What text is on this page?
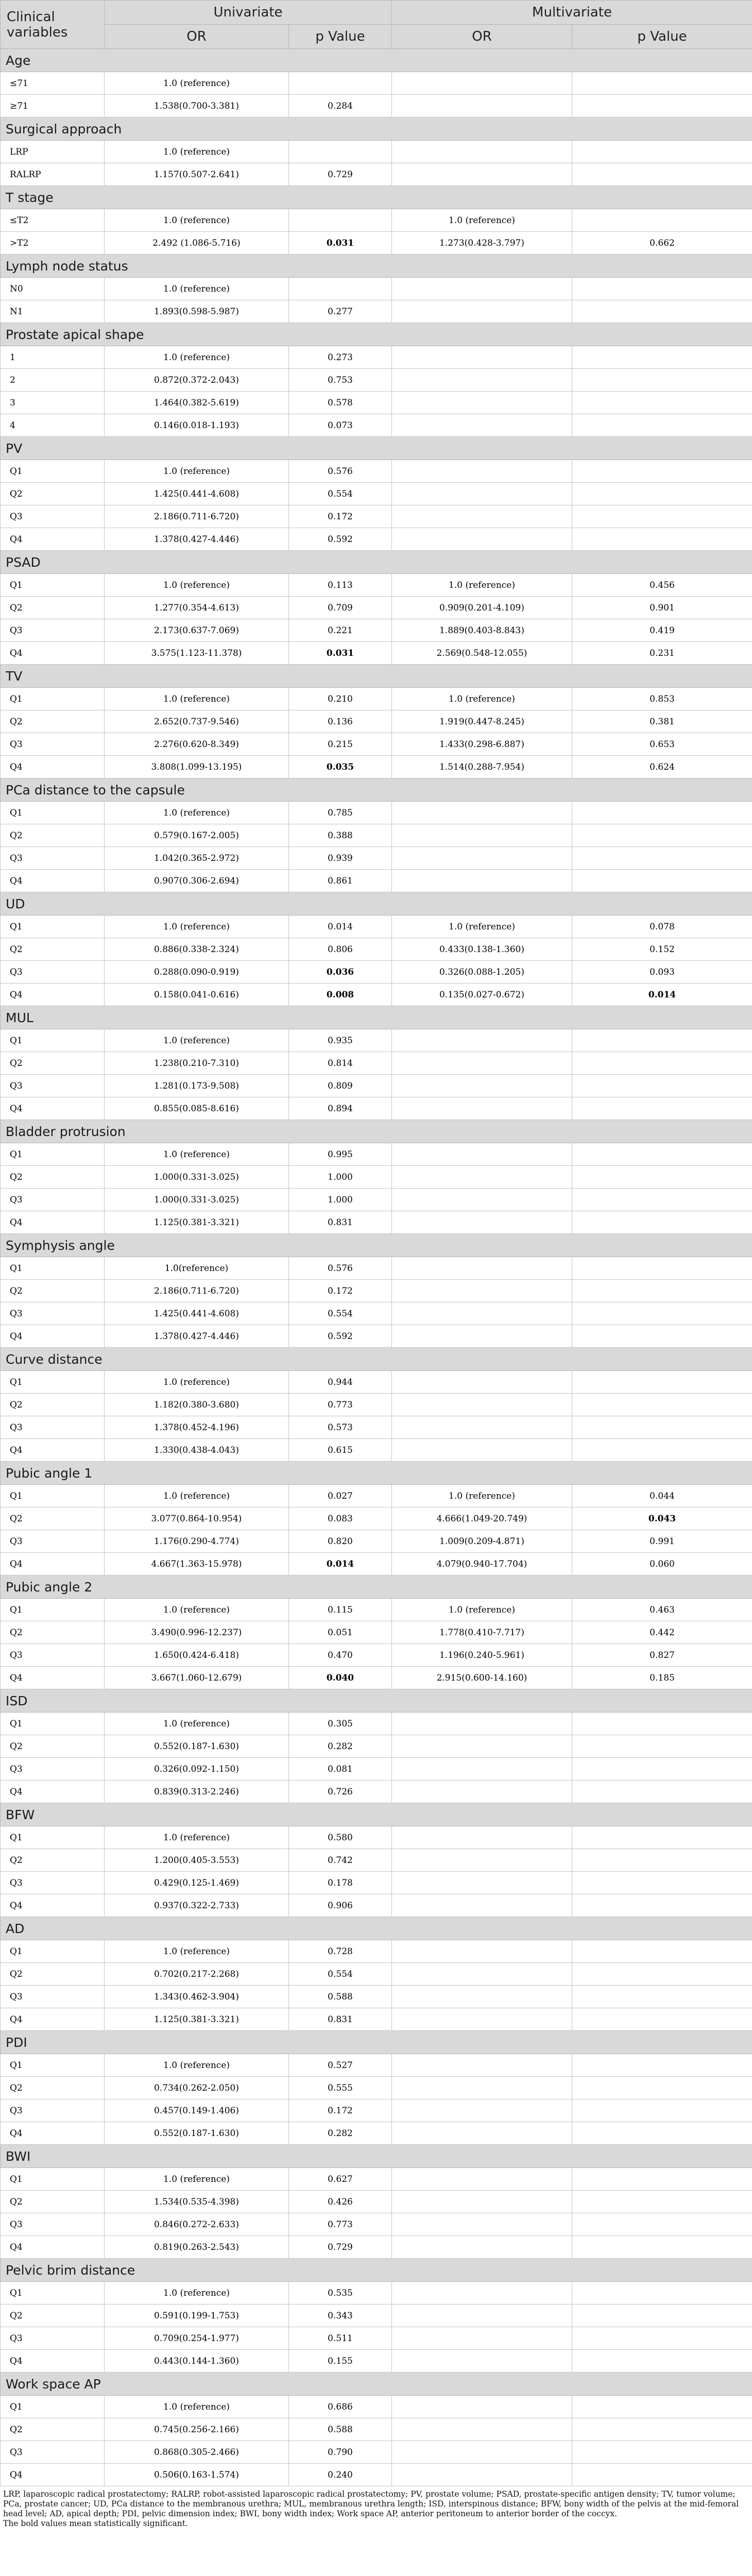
Clinical variables	Univariate		Multivariate	
	OR	p Value	OR	p Value
Age				
≤71	1.0 (reference)			
≥71	1.538(0.700-3.381)	0.284		
Surgical approach				
LRP	1.0 (reference)			
RALRP	1.157(0.507-2.641)	0.729		
T stage				
≤T2	1.0 (reference)		1.0 (reference)	
>T2	2.492 (1.086-5.716)	0.031	1.273(0.428-3.797)	0.662
Lymph node status				
N0	1.0 (reference)			
N1	1.893(0.598-5.987)	0.277		
Prostate apical shape				
1	1.0 (reference)	0.273		
2	0.872(0.372-2.043)	0.753		
3	1.464(0.382-5.619)	0.578		
4	0.146(0.018-1.193)	0.073		
PV				
Q1	1.0 (reference)	0.576		
Q2	1.425(0.441-4.608)	0.554		
Q3	2.186(0.711-6.720)	0.172		
Q4	1.378(0.427-4.446)	0.592		
PSAD				
Q1	1.0 (reference)	0.113	1.0 (reference)	0.456
Q2	1.277(0.354-4.613)	0.709	0.909(0.201-4.109)	0.901
Q3	2.173(0.637-7.069)	0.221	1.889(0.403-8.843)	0.419
Q4	3.575(1.123-11.378)	0.031	2.569(0.548-12.055)	0.231
TV				
Q1	1.0 (reference)	0.210	1.0 (reference)	0.853
Q2	2.652(0.737-9.546)	0.136	1.919(0.447-8.245)	0.381
Q3	2.276(0.620-8.349)	0.215	1.433(0.298-6.887)	0.653
Q4	3.808(1.099-13.195)	0.035	1.514(0.288-7.954)	0.624
PCa distance to the capsule				
Q1	1.0 (reference)	0.785		
Q2	0.579(0.167-2.005)	0.388		
Q3	1.042(0.365-2.972)	0.939		
Q4	0.907(0.306-2.694)	0.861		
UD				
Q1	1.0 (reference)	0.014	1.0 (reference)	0.078
Q2	0.886(0.338-2.324)	0.806	0.433(0.138-1.360)	0.152
Q3	0.288(0.090-0.919)	0.036	0.326(0.088-1.205)	0.093
Q4	0.158(0.041-0.616)	0.008	0.135(0.027-0.672)	0.014
MUL				
Q1	1.0 (reference)	0.935		
Q2	1.238(0.210-7.310)	0.814		
Q3	1.281(0.173-9.508)	0.809		
Q4	0.855(0.085-8.616)	0.894		
Bladder protrusion				
Q1	1.0 (reference)	0.995		
Q2	1.000(0.331-3.025)	1.000		
Q3	1.000(0.331-3.025)	1.000		
Q4	1.125(0.381-3.321)	0.831		
Symphysis angle				
Q1	1.0(reference)	0.576		
Q2	2.186(0.711-6.720)	0.172		
Q3	1.425(0.441-4.608)	0.554		
Q4	1.378(0.427-4.446)	0.592		
Curve distance				
Q1	1.0 (reference)	0.944		
Q2	1.182(0.380-3.680)	0.773		
Q3	1.378(0.452-4.196)	0.573		
Q4	1.330(0.438-4.043)	0.615		
Pubic angle 1				
Q1	1.0 (reference)	0.027	1.0 (reference)	0.044
Q2	3.077(0.864-10.954)	0.083	4.666(1.049-20.749)	0.043
Q3	1.176(0.290-4.774)	0.820	1.009(0.209-4.871)	0.991
Q4	4.667(1.363-15.978)	0.014	4.079(0.940-17.704)	0.060
Pubic angle 2				
Q1	1.0 (reference)	0.115	1.0 (reference)	0.463
Q2	3.490(0.996-12.237)	0.051	1.778(0.410-7.717)	0.442
Q3	1.650(0.424-6.418)	0.470	1.196(0.240-5.961)	0.827
Q4	3.667(1.060-12.679)	0.040	2.915(0.600-14.160)	0.185
ISD				
Q1	1.0 (reference)	0.305		
Q2	0.552(0.187-1.630)	0.282		
Q3	0.326(0.092-1.150)	0.081		
Q4	0.839(0.313-2.246)	0.726		
BFW				
Q1	1.0 (reference)	0.580		
Q2	1.200(0.405-3.553)	0.742		
Q3	0.429(0.125-1.469)	0.178		
Q4	0.937(0.322-2.733)	0.906		
AD				
Q1	1.0 (reference)	0.728		
Q2	0.702(0.217-2.268)	0.554		
Q3	1.343(0.462-3.904)	0.588		
Q4	1.125(0.381-3.321)	0.831		
PDI				
Q1	1.0 (reference)	0.527		
Q2	0.734(0.262-2.050)	0.555		
Q3	0.457(0.149-1.406)	0.172		
Q4	0.552(0.187-1.630)	0.282		
BWI				
Q1	1.0 (reference)	0.627		
Q2	1.534(0.535-4.398)	0.426		
Q3	0.846(0.272-2.633)	0.773		
Q4	0.819(0.263-2.543)	0.729		
Pelvic brim distance				
Q1	1.0 (reference)	0.535		
Q2	0.591(0.199-1.753)	0.343		
Q3	0.709(0.254-1.977)	0.511		
Q4	0.443(0.144-1.360)	0.155		
Work space AP				
Q1	1.0 (reference)	0.686		
Q2	0.745(0.256-2.166)	0.588		
Q3	0.868(0.305-2.466)	0.790		
Q4	0.506(0.163-1.574)	0.240		
LRP, laparoscopic radical prostatectomy; RALRP, robot-assisted laparoscopic radical prostatectomy; PV, prostate volume; PSAD, prostate-specific antigen density; TV, tumor volume; PCa, prostate cancer; UD, PCa distance to the membranous urethra; MUL, membranous urethra length; ISD, interspinous distance; BFW, bony width of the pelvis at the mid-femoral head level; AD, apical depth; PDI, pelvic dimension index; BWI, bony width index; Work space AP, anterior peritoneum to anterior border of the coccyx.
The bold values mean statistically significant.
